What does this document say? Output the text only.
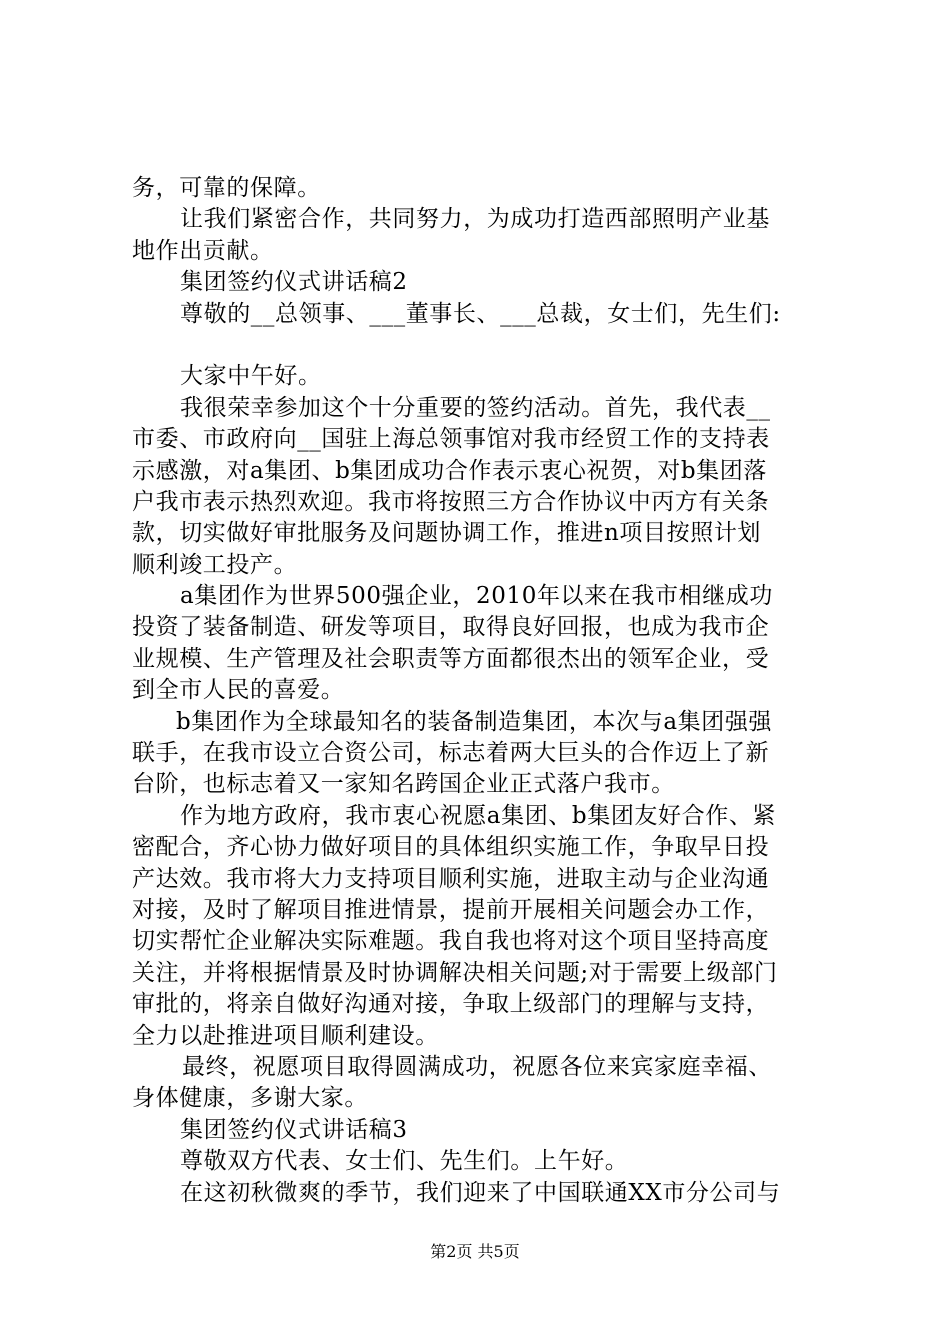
务，可靠的保障。
让我们紧密合作，共同努力，为成功打造西部照明产业基
地作出贡献。
集团签约仪式讲话稿2
尊敬的__总领事、___董事长、___总裁，女士们，先生们:
大家中午好。
我很荣幸参加这个十分重要的签约活动。首先，我代表__
市委、市政府向__国驻上海总领事馆对我市经贸工作的支持表
示感激，对a集团、b集团成功合作表示衷心祝贺，对b集团落
户我市表示热烈欢迎。我市将按照三方合作协议中丙方有关条
款，切实做好审批服务及问题协调工作，推进n项目按照计划
顺利竣工投产。
a集团作为世界500强企业，2010年以来在我市相继成功
投资了装备制造、研发等项目，取得良好回报，也成为我市企
业规模、生产管理及社会职责等方面都很杰出的领军企业，受
到全市人民的喜爱。
b集团作为全球最知名的装备制造集团，本次与a集团强强
联手，在我市设立合资公司，标志着两大巨头的合作迈上了新
台阶，也标志着又一家知名跨国企业正式落户我市。
作为地方政府，我市衷心祝愿a集团、b集团友好合作、紧
密配合，齐心协力做好项目的具体组织实施工作，争取早日投
产达效。我市将大力支持项目顺利实施，进取主动与企业沟通
对接，及时了解项目推进情景，提前开展相关问题会办工作，
切实帮忙企业解决实际难题。我自我也将对这个项目坚持高度
关注，并将根据情景及时协调解决相关问题;对于需要上级部门
审批的，将亲自做好沟通对接，争取上级部门的理解与支持，
全力以赴推进项目顺利建设。
最终，祝愿项目取得圆满成功，祝愿各位来宾家庭幸福、
身体健康，多谢大家。
集团签约仪式讲话稿3
尊敬双方代表、女士们、先生们。上午好。
在这初秋微爽的季节，我们迎来了中国联通XX市分公司与
第2页 共5页
